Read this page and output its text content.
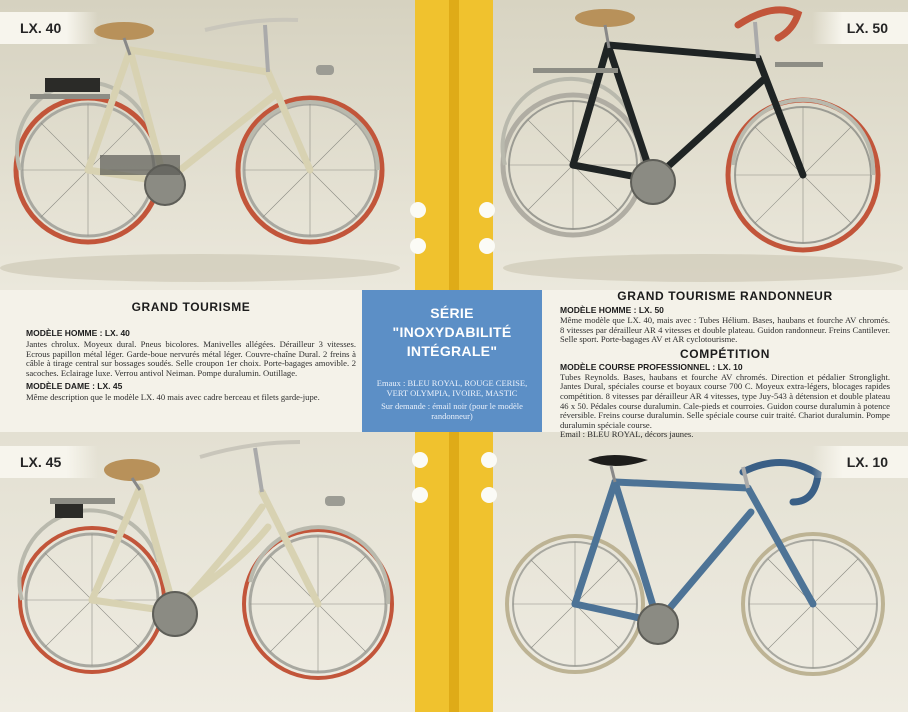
LX. 40	LX. 50
LX. 45	LX. 10
GRAND TOURISME

MODÈLE HOMME : LX. 40

Jantes chrolux. Moyeux dural. Pneus bicolores. Manivelles allégées. Dérailleur 3 vitesses. Ecrous papillon métal léger. Garde-boue nervurés métal léger. Couvre-chaîne Dural. 2 freins à câble à tirage central sur bossages soudés. Selle croupon 1er choix. Porte-bagages amovible. 2 sacoches. Eclairage luxe. Verrou antivol Neiman. Pompe duralumin. Outillage.

MODÈLE DAME : LX. 45

Même description que le modèle LX. 40 mais avec cadre berceau et filets garde-jupe.

SÉRIE
"INOXYDABILITÉ
INTÉGRALE"
Emaux : BLEU ROYAL, ROUGE CERISE, VERT OLYMPIA, IVOIRE, MASTIC
Sur demande : émail noir (pour le modèle randonneur)
GRAND TOURISME RANDONNEUR

MODÈLE HOMME : LX. 50

Même modèle que LX. 40, mais avec : Tubes Hélium. Bases, haubans et fourche AV chromés. 8 vitesses par dérailleur AR 4 vitesses et double plateau. Guidon randonneur. Freins Cantilever. Selle sport. Porte-bagages AV et AR cyclotourisme.

COMPÉTITION

MODÈLE COURSE PROFESSIONNEL : LX. 10

Tubes Reynolds. Bases, haubans et fourche AV chromés. Direction et pédalier Stronglight. Jantes Dural, spéciales course et boyaux course 700 C. Moyeux extra-légers, blocages rapides compétition. 8 vitesses par dérailleur AR 4 vitesses, type Juy-543 à détension et double plateau 46 x 50. Pédales course duralumin. Cale-pieds et courroies. Guidon course duralumin à potence réversible. Freins course duralumin. Selle spéciale course cuir traité. Chariot duralumin. Pompe duralumin spéciale course.

Email : BLEU ROYAL, décors jaunes.
